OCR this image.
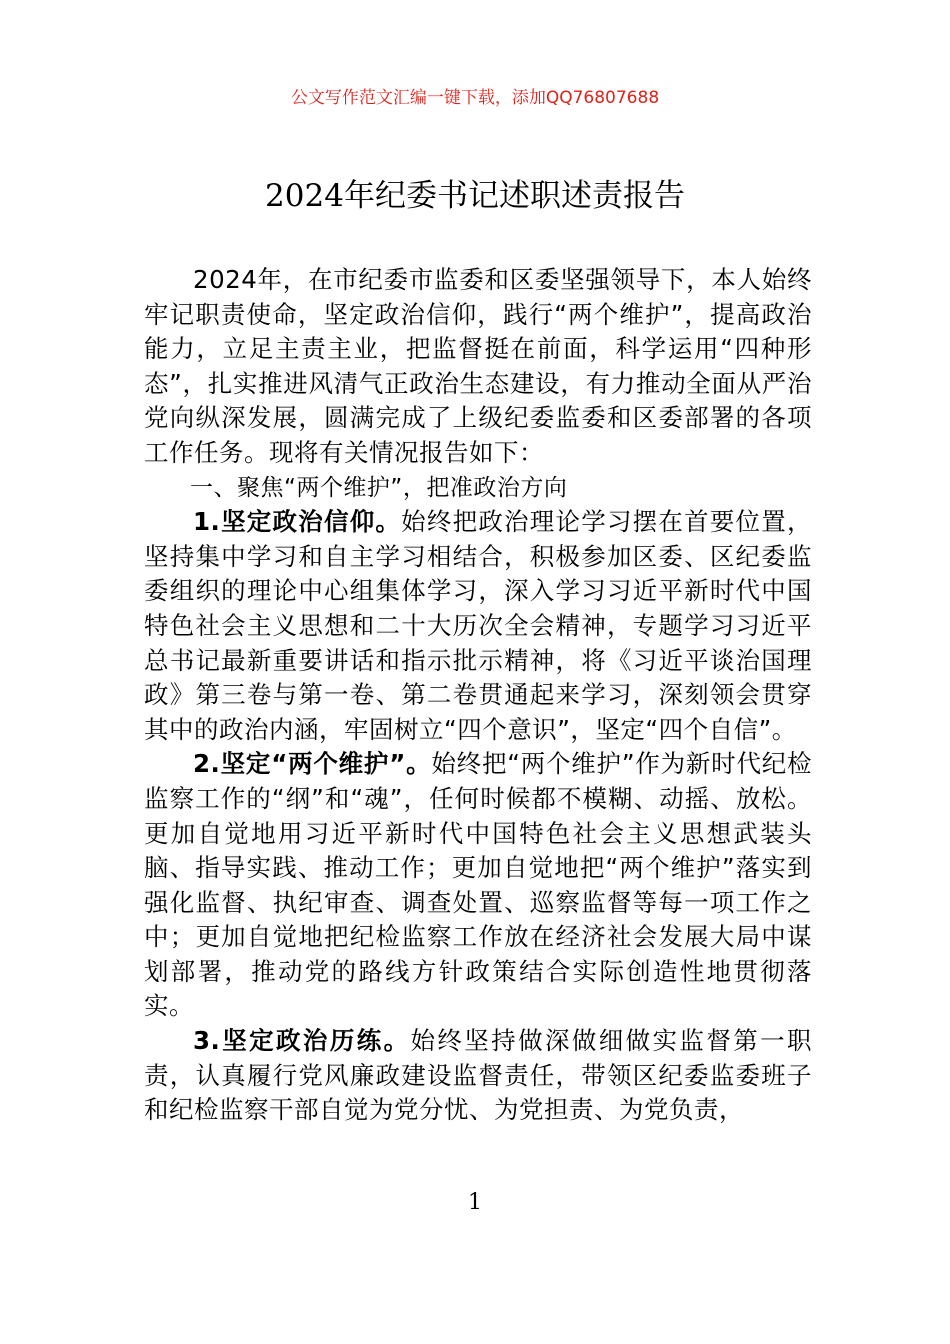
公文写作范文汇编一键下载，添加QQ76807688
2024年纪委书记述职述责报告

2024年，在市纪委市监委和区委坚强领导下，本人始终牢记职责使命，坚定政治信仰，践行“两个维护”，提高政治能力，立足主责主业，把监督挺在前面，科学运用“四种形态”，扎实推进风清气正政治生态建设，有力推动全面从严治党向纵深发展，圆满完成了上级纪委监委和区委部署的各项工作任务。现将有关情况报告如下：

一、聚焦“两个维护”，把准政治方向

1.坚定政治信仰。始终把政治理论学习摆在首要位置，坚持集中学习和自主学习相结合，积极参加区委、区纪委监委组织的理论中心组集体学习，深入学习习近平新时代中国特色社会主义思想和二十大历次全会精神，专题学习习近平总书记最新重要讲话和指示批示精神，将《习近平谈治国理政》第三卷与第一卷、第二卷贯通起来学习，深刻领会贯穿其中的政治内涵，牢固树立“四个意识”，坚定“四个自信”。

2.坚定“两个维护”。始终把“两个维护”作为新时代纪检监察工作的“纲”和“魂”，任何时候都不模糊、动摇、放松。更加自觉地用习近平新时代中国特色社会主义思想武装头脑、指导实践、推动工作；更加自觉地把“两个维护”落实到强化监督、执纪审查、调查处置、巡察监督等每一项工作之中；更加自觉地把纪检监察工作放在经济社会发展大局中谋划部署，推动党的路线方针政策结合实际创造性地贯彻落实。

3.坚定政治历练。始终坚持做深做细做实监督第一职责，认真履行党风廉政建设监督责任，带领区纪委监委班子和纪检监察干部自觉为党分忧、为党担责、为党负责，

1
